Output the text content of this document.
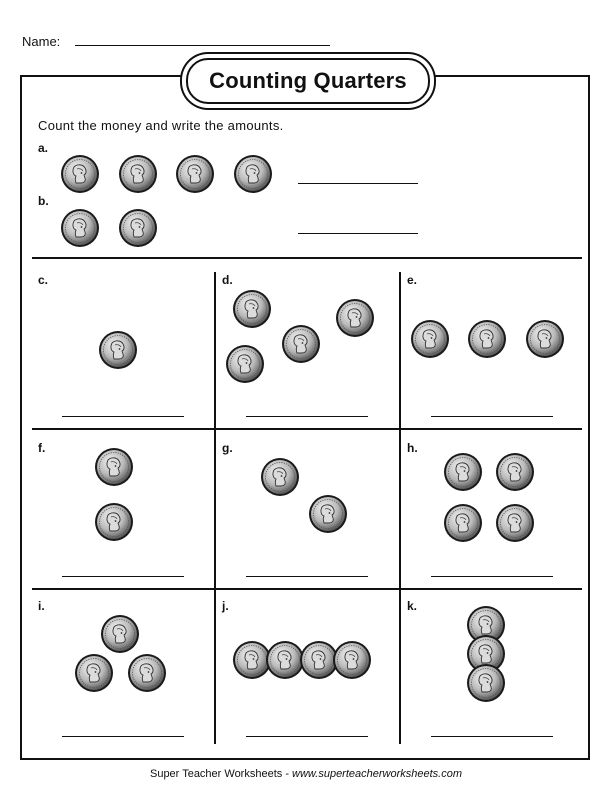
Name:
Counting Quarters
Count the money and write the amounts.
a.
b.
c.	d.	e.
f.	g.	h.
i.	j.	k.
Super Teacher Worksheets - www.superteacherworksheets.com
